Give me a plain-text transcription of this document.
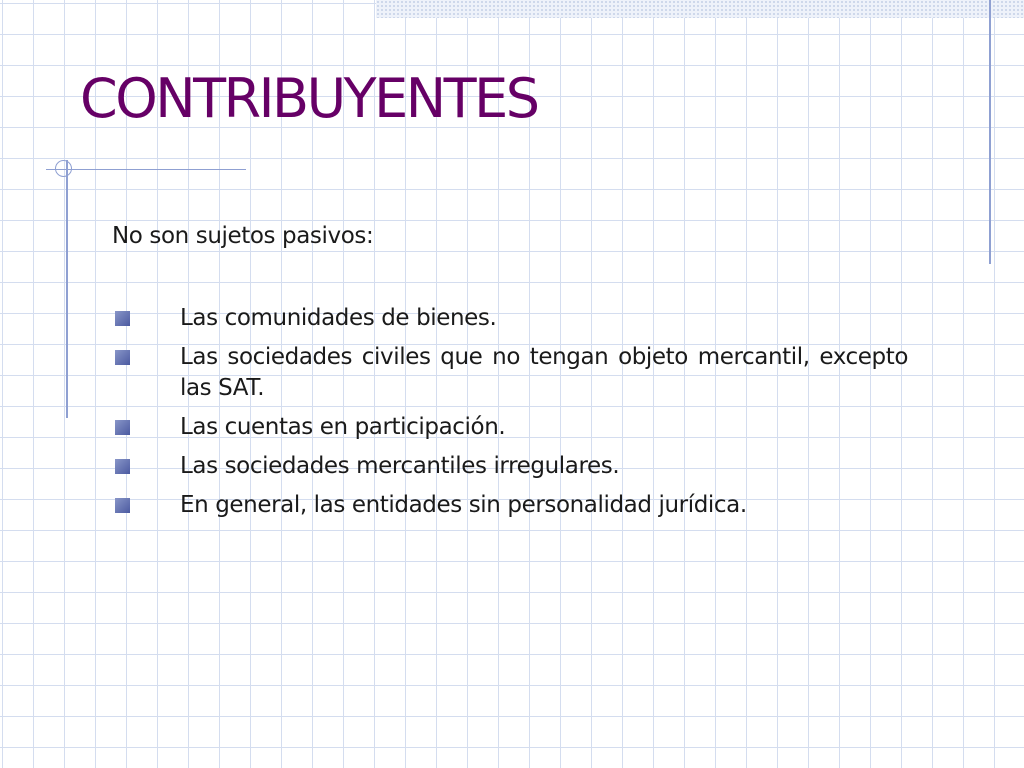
CONTRIBUYENTES

No son sujetos pasivos:

Las comunidades de bienes.
Las sociedades civiles que no tengan objeto mercantil, excepto las SAT.
Las cuentas en participación.
Las sociedades mercantiles irregulares.
En general, las entidades sin personalidad jurídica.
